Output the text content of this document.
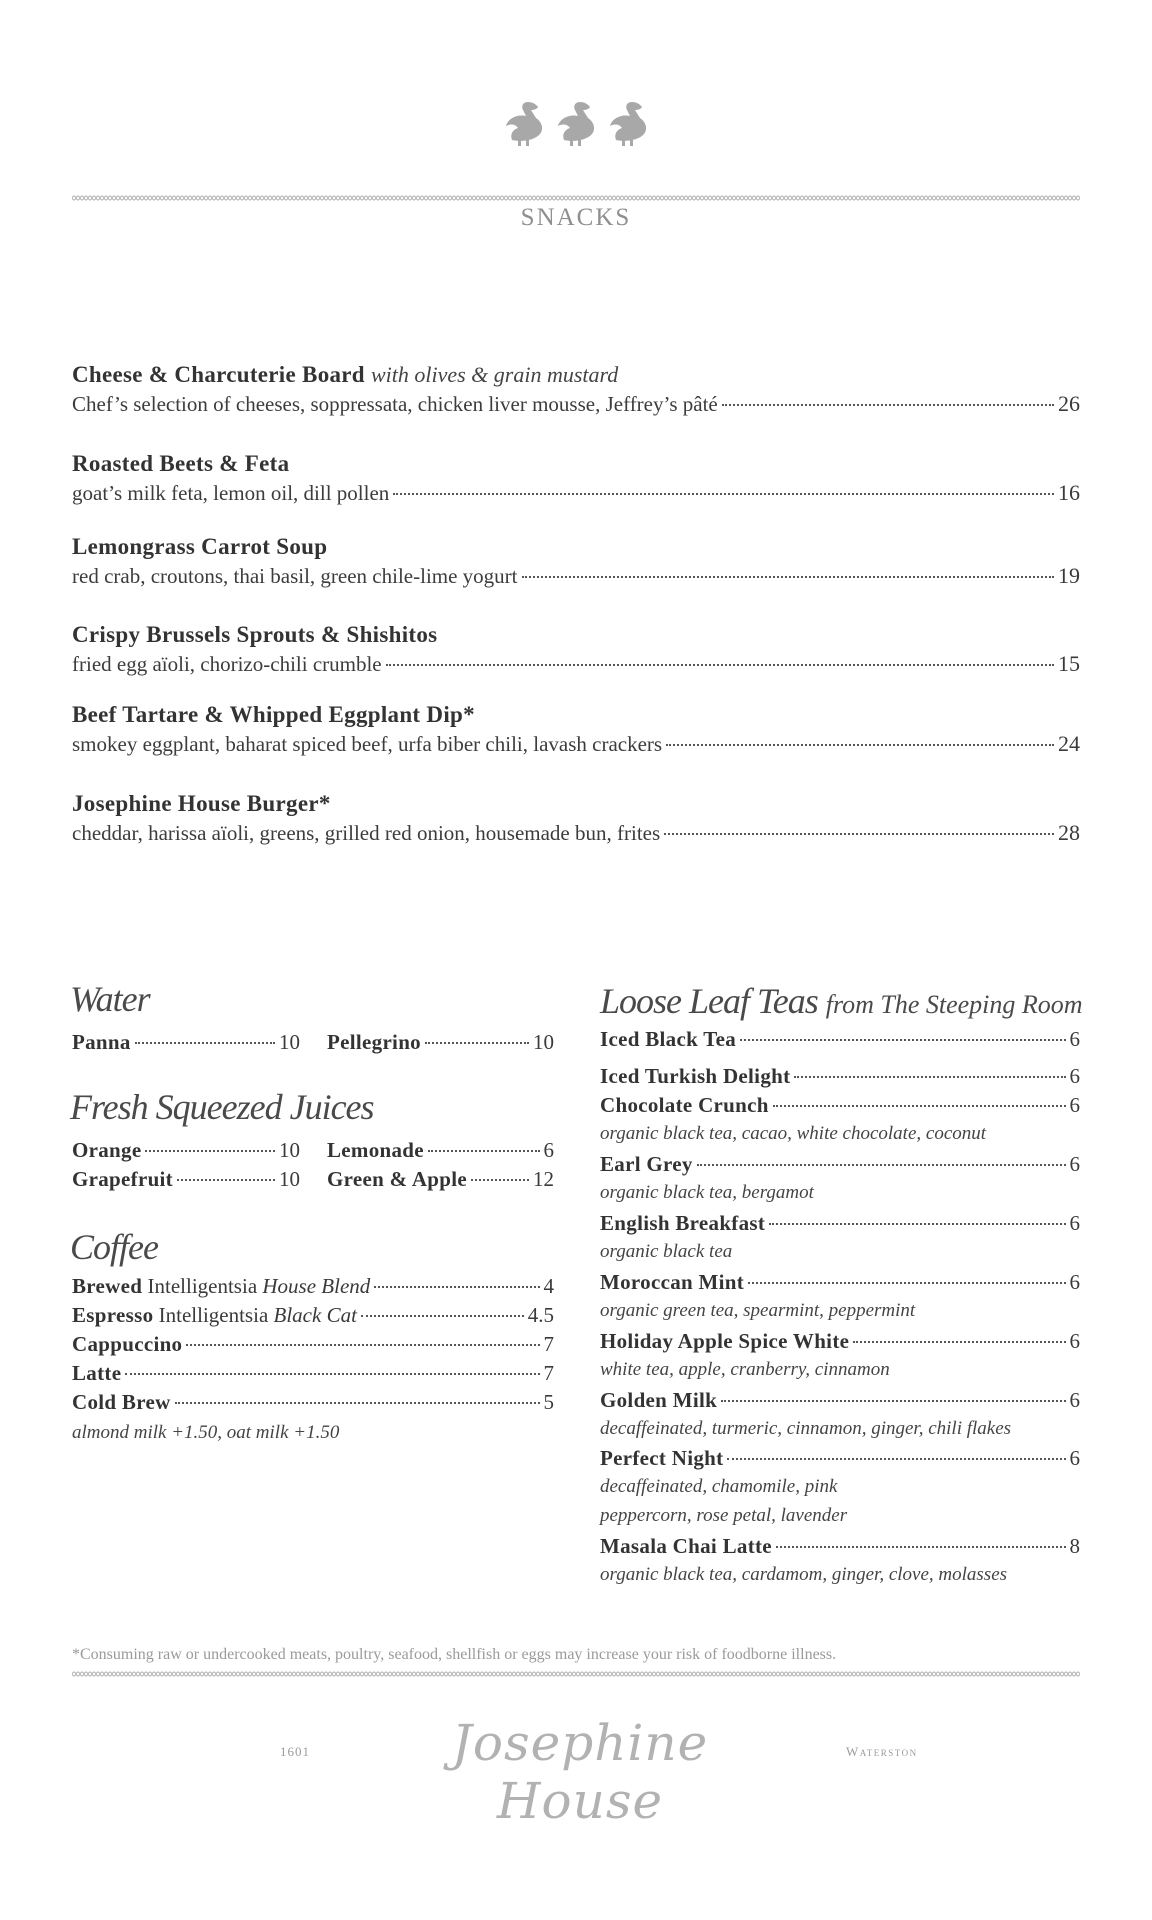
SNACKS
Cheese & Charcuterie Board with olives & grain mustard
Chef’s selection of cheeses, soppressata, chicken liver mousse, Jeffrey’s pâté	26
Roasted Beets & Feta
goat’s milk feta, lemon oil, dill pollen	16
Lemongrass Carrot Soup
red crab, croutons, thai basil, green chile-lime yogurt	19
Crispy Brussels Sprouts & Shishitos
fried egg aïoli, chorizo-chili crumble	15
Beef Tartare & Whipped Eggplant Dip*
smokey eggplant, baharat spiced beef, urfa biber chili, lavash crackers	24
Josephine House Burger*
cheddar, harissa aïoli, greens, grilled red onion, housemade bun, frites	28
Water
Panna	10 Pellegrino	10
Fresh Squeezed Juices
Orange	10 Lemonade	6
Grapefruit	10 Green & Apple	12
Coffee
Brewed
Intelligentsia
House Blend	4
Espresso
Intelligentsia
Black Cat	4.5
Cappuccino	7
Latte	7
Cold Brew	5
almond milk +1.50, oat milk +1.50
Loose Leaf Teas from The Steeping Room
Iced Black Tea	6
Iced Turkish Delight	6
Chocolate Crunch	6
organic black tea, cacao, white chocolate, coconut
Earl Grey	6
organic black tea, bergamot
English Breakfast	6
organic black tea
Moroccan Mint	6
organic green tea, spearmint, peppermint
Holiday Apple Spice White	6
white tea, apple, cranberry, cinnamon
Golden Milk	6
decaffeinated, turmeric, cinnamon, ginger, chili flakes
Perfect Night	6
decaffeinated, chamomile, pink
peppercorn, rose petal, lavender
Masala Chai Latte	8
organic black tea, cardamom, ginger, clove, molasses
*Consuming raw or undercooked meats, poultry, seafood, shellfish or eggs may increase your risk of foodborne illness.
1601	Josephine House
Waterston
